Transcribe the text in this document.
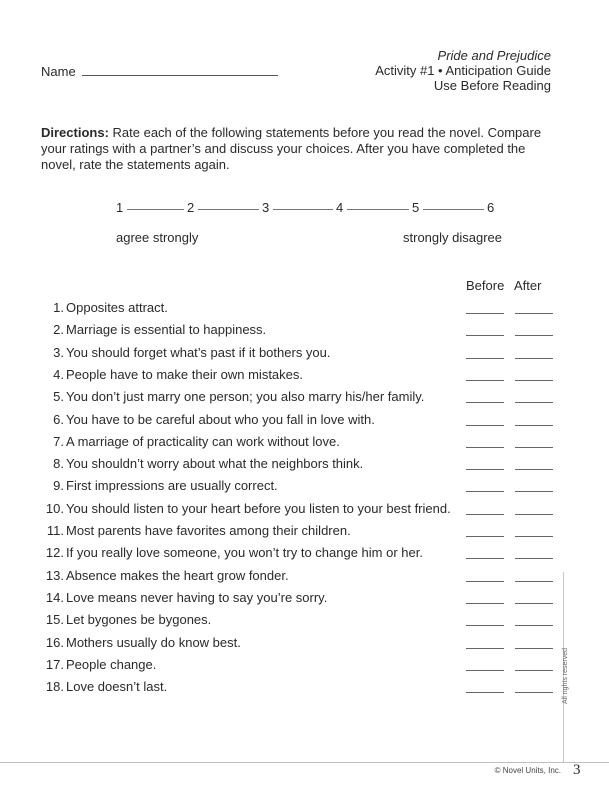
Name
Pride and Prejudice
Activity #1 • Anticipation Guide
Use Before Reading
Directions: Rate each of the following statements before you read the novel. Compare your ratings with a partner’s and discuss your choices. After you have completed the novel, rate the statements again.
1	2	3	4	5	6
agree strongly	strongly disagree
Before After
1. Opposites attract.
2. Marriage is essential to happiness.
3. You should forget what’s past if it bothers you.
4. People have to make their own mistakes.
5. You don’t just marry one person; you also marry his/her family.
6. You have to be careful about who you fall in love with.
7. A marriage of practicality can work without love.
8. You shouldn’t worry about what the neighbors think.
9. First impressions are usually correct.
10. You should listen to your heart before you listen to your best friend.
11. Most parents have favorites among their children.
12. If you really love someone, you won’t try to change him or her.
13. Absence makes the heart grow fonder.
14. Love means never having to say you’re sorry.
15. Let bygones be bygones.
16. Mothers usually do know best.
17. People change.
18. Love doesn’t last.	All rights reserved
© Novel Units, Inc. 3
